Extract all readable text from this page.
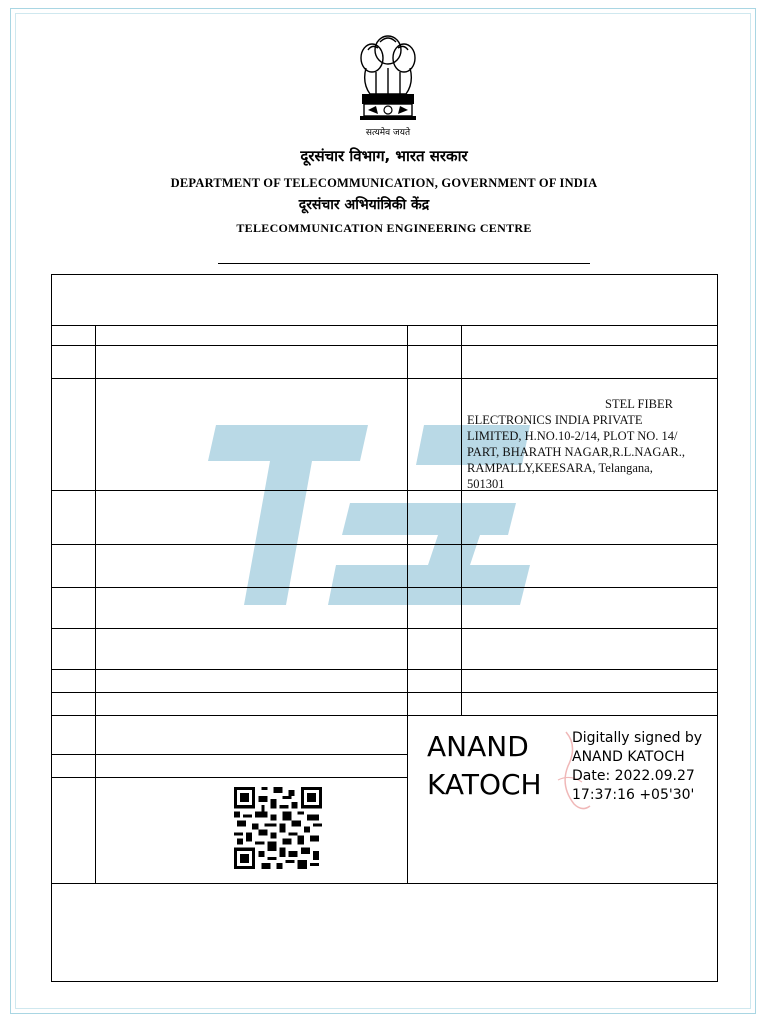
सत्यमेव जयते
दूरसंचार विभाग, भारत सरकार
DEPARTMENT OF TELECOMMUNICATION, GOVERNMENT OF INDIA
दूरसंचार अभियांत्रिकी केंद्र
TELECOMMUNICATION ENGINEERING CENTRE
STEL FIBER
ELECTRONICS INDIA PRIVATE
LIMITED, H.NO.10-2/14, PLOT NO. 14/
PART, BHARATH NAGAR,R.L.NAGAR.,
RAMPALLY,KEESARA, Telangana,
501301
ANAND
KATOCH
Digitally signed by
ANAND KATOCH
Date: 2022.09.27
17:37:16 +05'30'
